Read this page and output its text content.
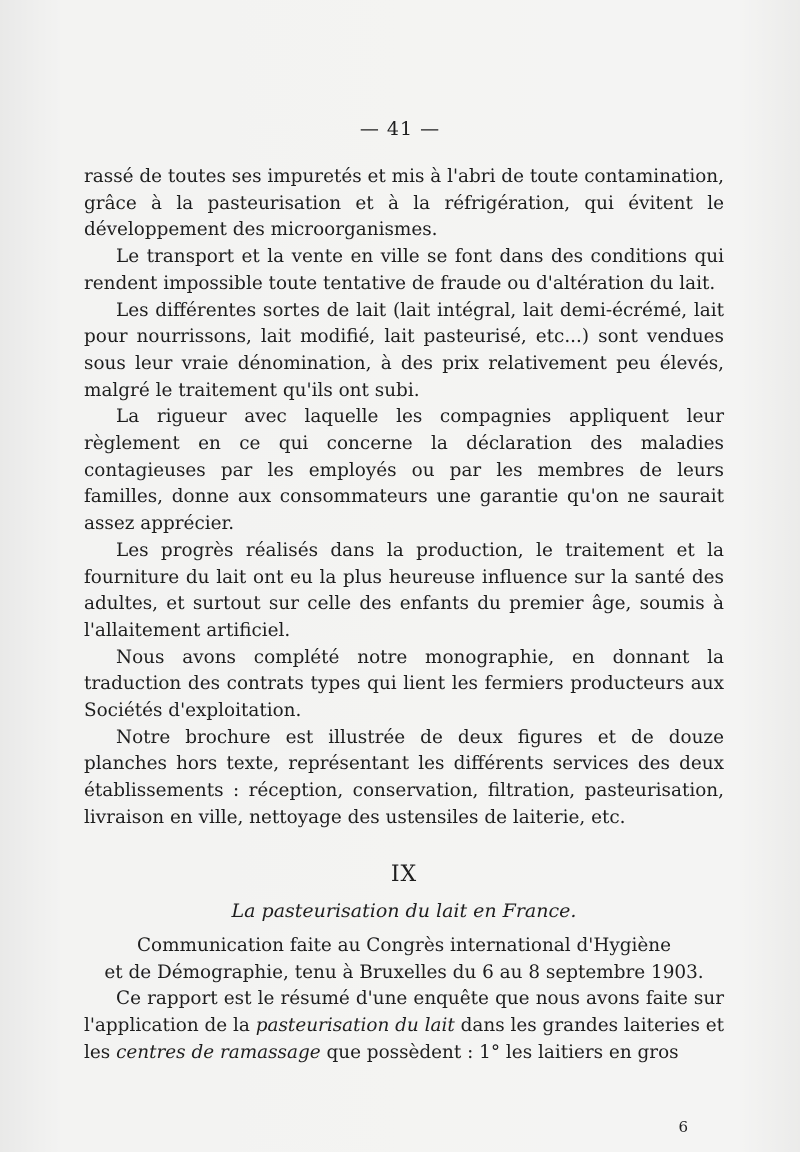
— 41 —

rassé de toutes ses impuretés et mis à l'abri de toute contamination, grâce à la pasteurisation et à la réfrigération, qui évitent le développement des microorganismes.

Le transport et la vente en ville se font dans des conditions qui rendent impossible toute tentative de fraude ou d'altération du lait.

Les différentes sortes de lait (lait intégral, lait demi-écrémé, lait pour nourrissons, lait modifié, lait pasteurisé, etc...) sont vendues sous leur vraie dénomination, à des prix relativement peu élevés, malgré le traitement qu'ils ont subi.

La rigueur avec laquelle les compagnies appliquent leur règlement en ce qui concerne la déclaration des maladies contagieuses par les employés ou par les membres de leurs familles, donne aux consommateurs une garantie qu'on ne saurait assez apprécier.

Les progrès réalisés dans la production, le traitement et la fourniture du lait ont eu la plus heureuse influence sur la santé des adultes, et surtout sur celle des enfants du premier âge, soumis à l'allaitement artificiel.

Nous avons complété notre monographie, en donnant la traduction des contrats types qui lient les fermiers producteurs aux Sociétés d'exploitation.

Notre brochure est illustrée de deux figures et de douze planches hors texte, représentant les différents services des deux établissements : réception, conservation, filtration, pasteurisation, livraison en ville, nettoyage des ustensiles de laiterie, etc.

IX
La pasteurisation du lait en France.
Communication faite au Congrès international d'Hygiène
et de Démographie, tenu à Bruxelles du 6 au 8 septembre 1903.

Ce rapport est le résumé d'une enquête que nous avons faite sur l'application de la pasteurisation du lait dans les grandes laiteries et les centres de ramassage que possèdent : 1° les laitiers en gros

6
